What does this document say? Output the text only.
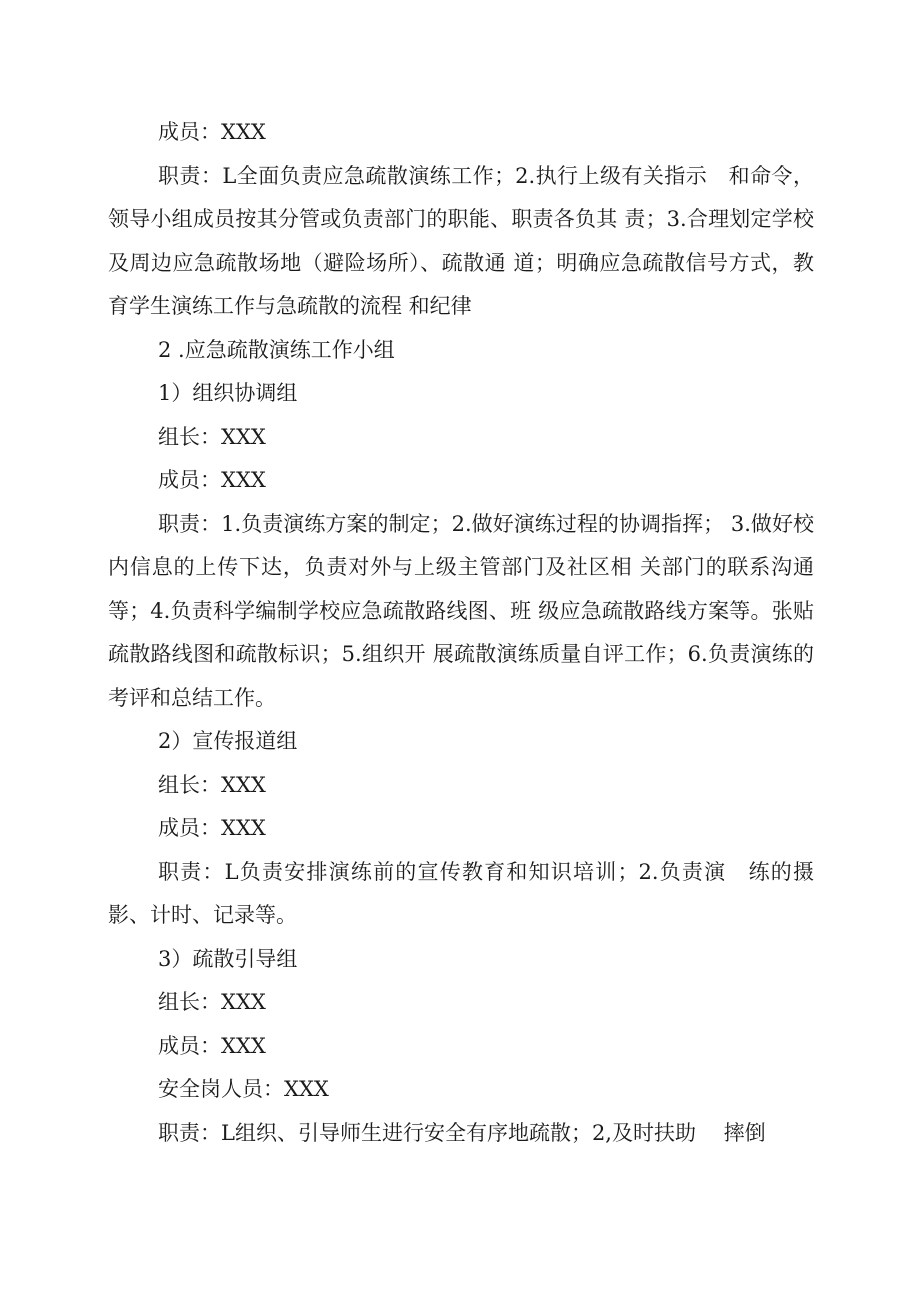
成员：XXX

职责：L全面负责应急疏散演练工作；2.执行上级有关指示　和命令，领导小组成员按其分管或负责部门的职能、职责各负其 责；3.合理划定学校及周边应急疏散场地（避险场所）、疏散通 道；明确应急疏散信号方式，教育学生演练工作与急疏散的流程 和纪律

2 .应急疏散演练工作小组

1）组织协调组

组长：XXX

成员：XXX

职责：1.负责演练方案的制定；2.做好演练过程的协调指挥； 3.做好校内信息的上传下达，负责对外与上级主管部门及社区相 关部门的联系沟通等；4.负责科学编制学校应急疏散路线图、班 级应急疏散路线方案等。张贴疏散路线图和疏散标识；5.组织开 展疏散演练质量自评工作；6.负责演练的考评和总结工作。

2）宣传报道组

组长：XXX

成员：XXX

职责：L负责安排演练前的宣传教育和知识培训；2.负责演　练的摄影、计时、记录等。

3）疏散引导组

组长：XXX

成员：XXX

安全岗人员：XXX

职责：L组织、引导师生进行安全有序地疏散；2,及时扶助　 摔倒
